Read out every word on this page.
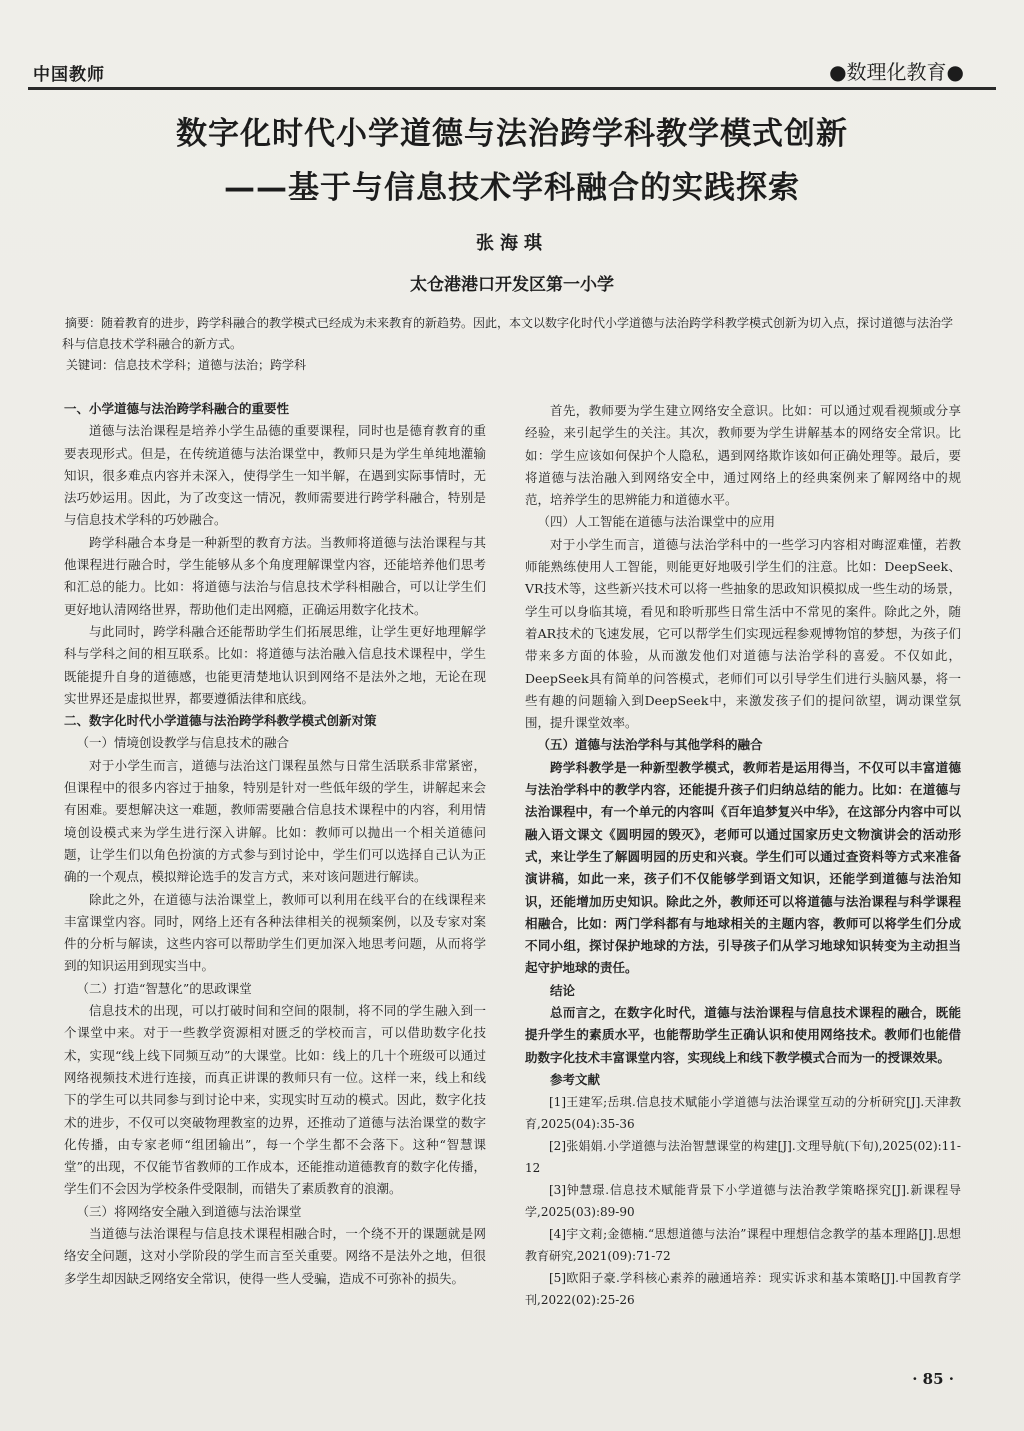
中国教师	●数理化教育●
数字化时代小学道德与法治跨学科教学模式创新
——基于与信息技术学科融合的实践探索
张海琪
太仓港港口开发区第一小学
摘要：随着教育的进步，跨学科融合的教学模式已经成为未来教育的新趋势。因此，本文以数字化时代小学道德与法治跨学科教学模式创新为切入点，探讨道德与法治学科与信息技术学科融合的新方式。
关键词：信息技术学科；道德与法治；跨学科

一、小学道德与法治跨学科融合的重要性

道德与法治课程是培养小学生品德的重要课程，同时也是德育教育的重要表现形式。但是，在传统道德与法治课堂中，教师只是为学生单纯地灌输知识，很多难点内容并未深入，使得学生一知半解，在遇到实际事情时，无法巧妙运用。因此，为了改变这一情况，教师需要进行跨学科融合，特别是与信息技术学科的巧妙融合。

跨学科融合本身是一种新型的教育方法。当教师将道德与法治课程与其他课程进行融合时，学生能够从多个角度理解课堂内容，还能培养他们思考和汇总的能力。比如：将道德与法治与信息技术学科相融合，可以让学生们更好地认清网络世界，帮助他们走出网瘾，正确运用数字化技术。

与此同时，跨学科融合还能帮助学生们拓展思维，让学生更好地理解学科与学科之间的相互联系。比如：将道德与法治融入信息技术课程中，学生既能提升自身的道德感，也能更清楚地认识到网络不是法外之地，无论在现实世界还是虚拟世界，都要遵循法律和底线。

二、数字化时代小学道德与法治跨学科教学模式创新对策

（一）情境创设教学与信息技术的融合

对于小学生而言，道德与法治这门课程虽然与日常生活联系非常紧密，但课程中的很多内容过于抽象，特别是针对一些低年级的学生，讲解起来会有困难。要想解决这一难题，教师需要融合信息技术课程中的内容，利用情境创设模式来为学生进行深入讲解。比如：教师可以抛出一个相关道德问题，让学生们以角色扮演的方式参与到讨论中，学生们可以选择自己认为正确的一个观点，模拟辩论选手的发言方式，来对该问题进行解读。

除此之外，在道德与法治课堂上，教师可以利用在线平台的在线课程来丰富课堂内容。同时，网络上还有各种法律相关的视频案例，以及专家对案件的分析与解读，这些内容可以帮助学生们更加深入地思考问题，从而将学到的知识运用到现实当中。

（二）打造“智慧化”的思政课堂

信息技术的出现，可以打破时间和空间的限制，将不同的学生融入到一个课堂中来。对于一些教学资源相对匮乏的学校而言，可以借助数字化技术，实现“线上线下同频互动”的大课堂。比如：线上的几十个班级可以通过网络视频技术进行连接，而真正讲课的教师只有一位。这样一来，线上和线下的学生可以共同参与到讨论中来，实现实时互动的模式。因此，数字化技术的进步，不仅可以突破物理教室的边界，还推动了道德与法治课堂的数字化传播，由专家老师“组团输出”，每一个学生都不会落下。这种“智慧课堂”的出现，不仅能节省教师的工作成本，还能推动道德教育的数字化传播，学生们不会因为学校条件受限制，而错失了素质教育的浪潮。

（三）将网络安全融入到道德与法治课堂

当道德与法治课程与信息技术课程相融合时，一个绕不开的课题就是网络安全问题，这对小学阶段的学生而言至关重要。网络不是法外之地，但很多学生却因缺乏网络安全常识，使得一些人受骗，造成不可弥补的损失。

首先，教师要为学生建立网络安全意识。比如：可以通过观看视频或分享经验，来引起学生的关注。其次，教师要为学生讲解基本的网络安全常识。比如：学生应该如何保护个人隐私，遇到网络欺诈该如何正确处理等。最后，要将道德与法治融入到网络安全中，通过网络上的经典案例来了解网络中的规范，培养学生的思辨能力和道德水平。

（四）人工智能在道德与法治课堂中的应用

对于小学生而言，道德与法治学科中的一些学习内容相对晦涩难懂，若教师能熟练使用人工智能，则能更好地吸引学生们的注意。比如：DeepSeek、VR技术等，这些新兴技术可以将一些抽象的思政知识模拟成一些生动的场景，学生可以身临其境，看见和聆听那些日常生活中不常见的案件。除此之外，随着AR技术的飞速发展，它可以帮学生们实现远程参观博物馆的梦想，为孩子们带来多方面的体验，从而激发他们对道德与法治学科的喜爱。不仅如此，DeepSeek具有简单的问答模式，老师们可以引导学生们进行头脑风暴，将一些有趣的问题输入到DeepSeek中，来激发孩子们的提问欲望，调动课堂氛围，提升课堂效率。

（五）道德与法治学科与其他学科的融合

跨学科教学是一种新型教学模式，教师若是运用得当，不仅可以丰富道德与法治学科中的教学内容，还能提升孩子们归纳总结的能力。比如：在道德与法治课程中，有一个单元的内容叫《百年追梦复兴中华》，在这部分内容中可以融入语文课文《圆明园的毁灭》，老师可以通过国家历史文物演讲会的活动形式，来让学生了解圆明园的历史和兴衰。学生们可以通过查资料等方式来准备演讲稿，如此一来，孩子们不仅能够学到语文知识，还能学到道德与法治知识，还能增加历史知识。除此之外，教师还可以将道德与法治课程与科学课程相融合，比如：两门学科都有与地球相关的主题内容，教师可以将学生们分成不同小组，探讨保护地球的方法，引导孩子们从学习地球知识转变为主动担当起守护地球的责任。

结论

总而言之，在数字化时代，道德与法治课程与信息技术课程的融合，既能提升学生的素质水平，也能帮助学生正确认识和使用网络技术。教师们也能借助数字化技术丰富课堂内容，实现线上和线下教学模式合而为一的授课效果。

参考文献

[1]王建军;岳琪.信息技术赋能小学道德与法治课堂互动的分析研究[J].天津教育,2025(04):35-36

[2]张娟娟.小学道德与法治智慧课堂的构建[J].文理导航(下旬),2025(02):11-12

[3]钟慧璟.信息技术赋能背景下小学道德与法治教学策略探究[J].新课程导学,2025(03):89-90

[4]宇文莉;金德楠.“思想道德与法治”课程中理想信念教学的基本理路[J].思想教育研究,2021(09):71-72

[5]欧阳子豪.学科核心素养的融通培养：现实诉求和基本策略[J].中国教育学刊,2022(02):25-26

· 85 ·
